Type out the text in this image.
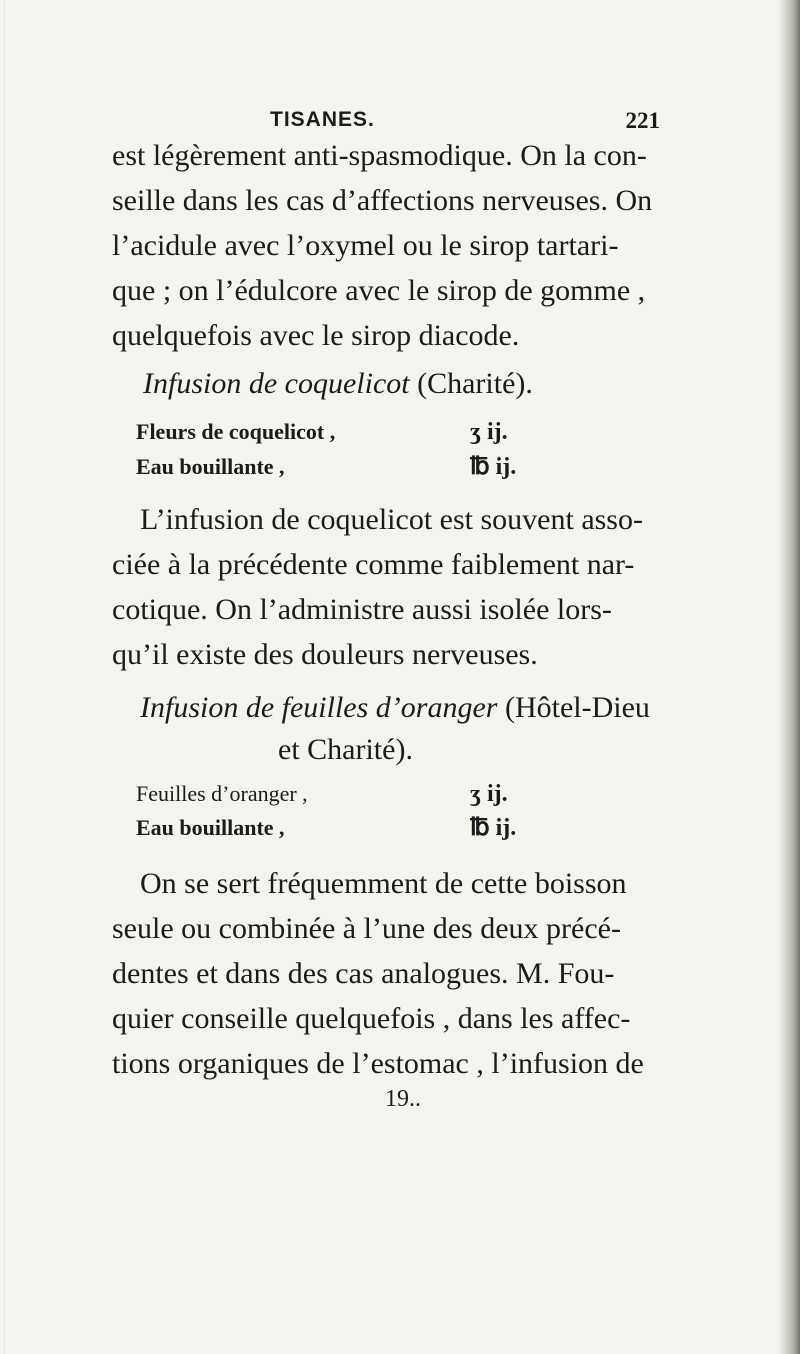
TISANES.	221
est légèrement anti-spasmodique. On la con-
seille dans les cas d’affections nerveuses. On
l’acidule avec l’oxymel ou le sirop tartari-
que ; on l’édulcore avec le sirop de gomme ,
quelquefois avec le sirop diacode.
Infusion de coquelicot (Charité).
Fleurs de coquelicot ,	ʒ ij.
Eau bouillante ,	℔ ij.
L’infusion de coquelicot est souvent asso-
ciée à la précédente comme faiblement nar-
cotique. On l’administre aussi isolée lors-
qu’il existe des douleurs nerveuses.
Infusion de feuilles d’oranger (Hôtel-Dieu
et Charité).
Feuilles d’oranger ,	ʒ ij.
Eau bouillante ,	℔ ij.
On se sert fréquemment de cette boisson
seule ou combinée à l’une des deux précé-
dentes et dans des cas analogues. M. Fou-
quier conseille quelquefois , dans les affec-
tions organiques de l’estomac , l’infusion de
19..
